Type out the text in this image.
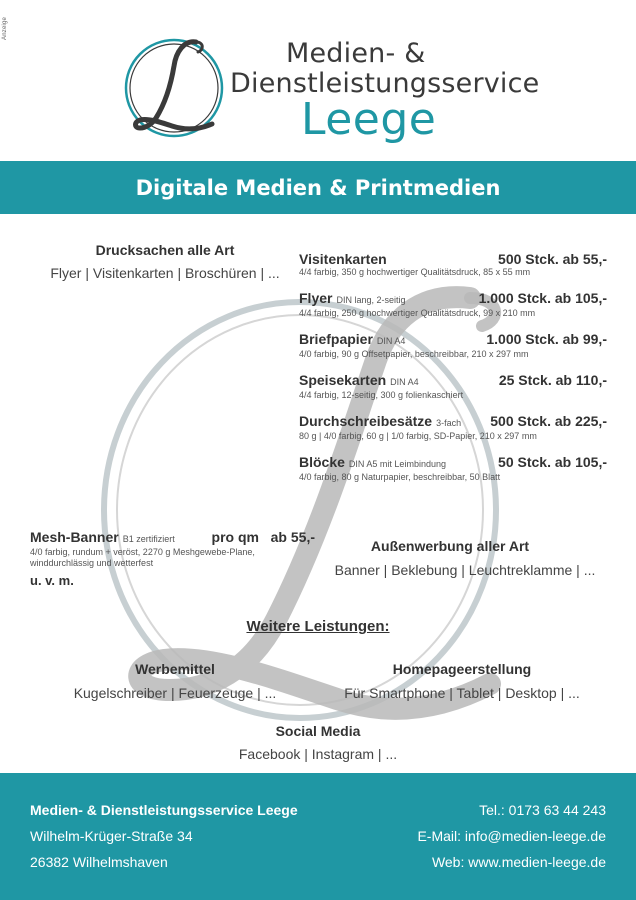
Anzeige
Medien- &
Dienstleistungsservice
Leege
Digitale Medien & Printmedien
Drucksachen alle Art
Flyer | Visitenkarten | Broschüren | ...
Visitenkarten	500 Stck. ab 55,-
4/4 farbig, 350 g hochwertiger Qualitätsdruck, 85 x 55 mm
Flyer DIN lang, 2-seitig	1.000 Stck. ab 105,-
4/4 farbig, 250 g hochwertiger Qualitätsdruck, 99 x 210 mm
Briefpapier DIN A4	1.000 Stck. ab 99,-
4/0 farbig, 90 g Offsetpapier, beschreibbar, 210 x 297 mm
Speisekarten DIN A4	25 Stck. ab 110,-
4/4 farbig, 12-seitig, 300 g folienkaschiert
Durchschreibesätze 3-fach 500 Stck. ab 225,-
80 g | 4/0 farbig, 60 g | 1/0 farbig, SD-Papier, 210 x 297 mm
Blöcke DIN A5 mit Leimbindung	50 Stck. ab 105,-
4/0 farbig, 80 g Naturpapier, beschreibbar, 50 Blatt
Mesh-Banner B1 zertifiziert	pro qm ab 55,-
4/0 farbig, rundum + veröst, 2270 g Meshgewebe-Plane, winddurchlässig und wetterfest
u. v. m.
Außenwerbung aller Art
Banner | Beklebung | Leuchtreklamme | ...
Weitere Leistungen:
Werbemittel
Kugelschreiber | Feuerzeuge | ...
Homepageerstellung
Für Smartphone | Tablet | Desktop | ...
Social Media
Facebook | Instagram | ...
Medien- & Dienstleistungsservice Leege
Wilhelm-Krüger-Straße 34
26382 Wilhelmshaven
Tel.: 0173 63 44 243
E-Mail: info@medien-leege.de
Web: www.medien-leege.de
